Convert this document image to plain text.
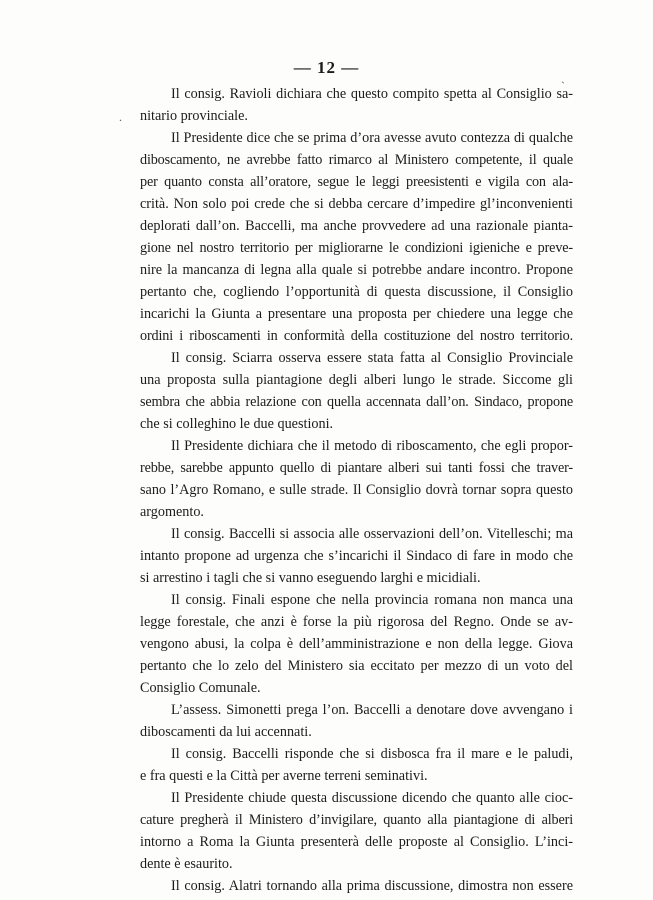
— 12 —	ˎ
.
Il consig. Ravioli dichiara che questo compito spetta al Consiglio sa-
nitario provinciale.
Il Presidente dice che se prima d’ora avesse avuto contezza di qualche
diboscamento, ne avrebbe fatto rimarco al Ministero competente, il quale
per quanto consta all’oratore, segue le leggi preesistenti e vigila con ala-
crità. Non solo poi crede che si debba cercare d’impedire gl’inconvenienti
deplorati dall’on. Baccelli, ma anche provvedere ad una razionale pianta-
gione nel nostro territorio per migliorarne le condizioni igieniche e preve-
nire la mancanza di legna alla quale si potrebbe andare incontro. Propone
pertanto che, cogliendo l’opportunità di questa discussione, il Consiglio
incarichi la Giunta a presentare una proposta per chiedere una legge che
ordini i riboscamenti in conformità della costituzione del nostro territorio.
Il consig. Sciarra osserva essere stata fatta al Consiglio Provinciale
una proposta sulla piantagione degli alberi lungo le strade. Siccome gli
sembra che abbia relazione con quella accennata dall’on. Sindaco, propone
che si colleghino le due questioni.
Il Presidente dichiara che il metodo di riboscamento, che egli propor-
rebbe, sarebbe appunto quello di piantare alberi sui tanti fossi che traver-
sano l’Agro Romano, e sulle strade. Il Consiglio dovrà tornar sopra questo
argomento.
Il consig. Baccelli si associa alle osservazioni dell’on. Vitelleschi; ma
intanto propone ad urgenza che s’incarichi il Sindaco di fare in modo che
si arrestino i tagli che si vanno eseguendo larghi e micidiali.
Il consig. Finali espone che nella provincia romana non manca una
legge forestale, che anzi è forse la più rigorosa del Regno. Onde se av-
vengono abusi, la colpa è dell’amministrazione e non della legge. Giova
pertanto che lo zelo del Ministero sia eccitato per mezzo di un voto del
Consiglio Comunale.
L’assess. Simonetti prega l’on. Baccelli a denotare dove avvengano i
diboscamenti da lui accennati.
Il consig. Baccelli risponde che si disbosca fra il mare e le paludi,
e fra questi e la Città per averne terreni seminativi.
Il Presidente chiude questa discussione dicendo che quanto alle cioc-
cature pregherà il Ministero d’invigilare, quanto alla piantagione di alberi
intorno a Roma la Giunta presenterà delle proposte al Consiglio. L’inci-
dente è esaurito.
Il consig. Alatri tornando alla prima discussione, dimostra non essere
